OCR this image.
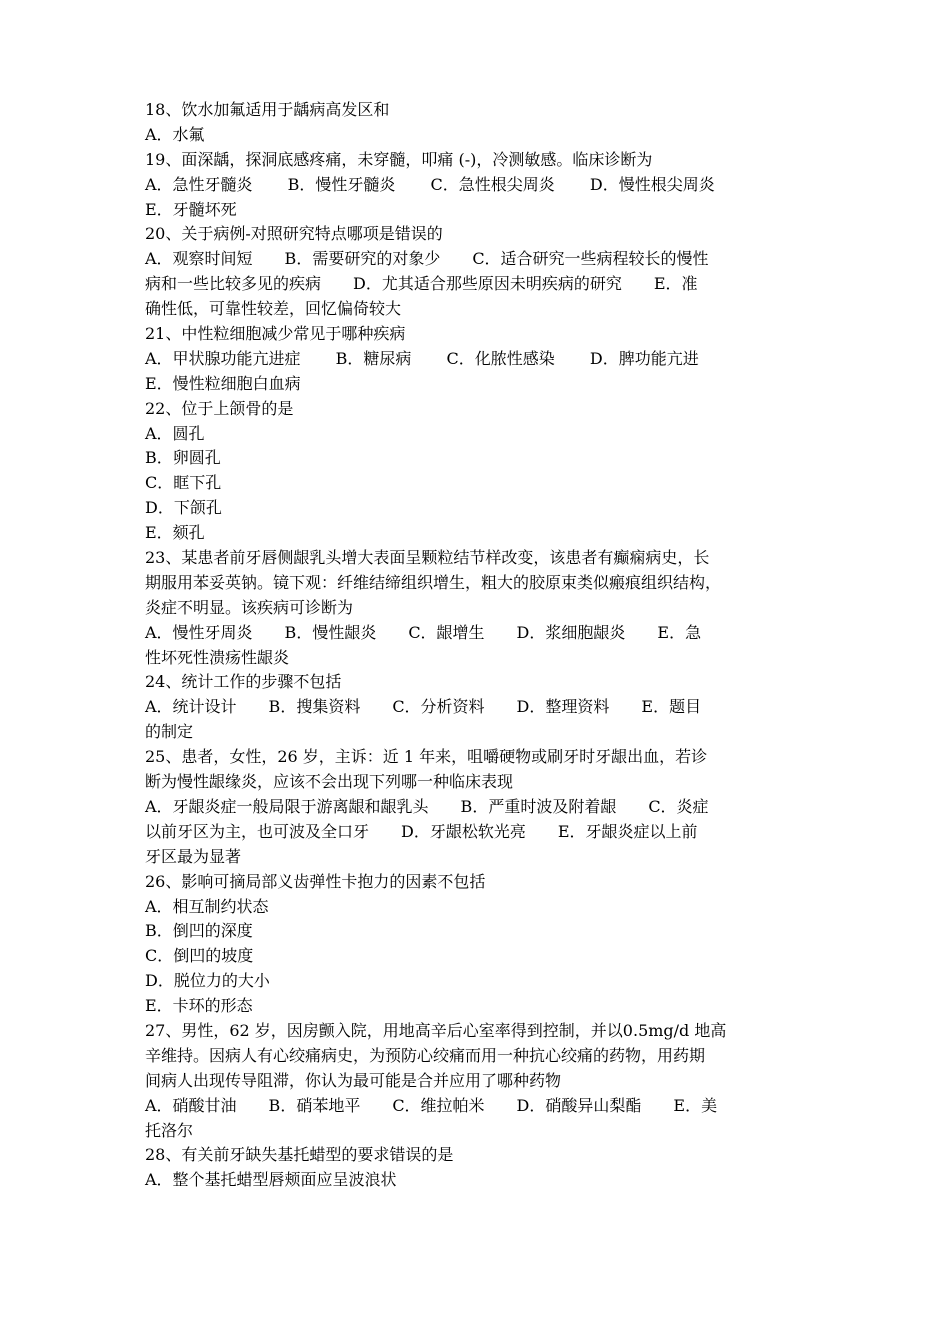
18、饮水加氟适用于龋病高发区和
A．水氟
19、面深龋，探洞底感疼痛，未穿髓，叩痛 (-)，冷测敏感。临床诊断为
A．急性牙髓炎 B．慢性牙髓炎 C．急性根尖周炎 D．慢性根尖周炎
E．牙髓坏死
20、关于病例-对照研究特点哪项是错误的
A．观察时间短　　B．需要研究的对象少　　C．适合研究一些病程较长的慢性
病和一些比较多见的疾病　　D．尤其适合那些原因未明疾病的研究　　E．准
确性低，可靠性较差，回忆偏倚较大
21、中性粒细胞减少常见于哪种疾病
A．甲状腺功能亢进症 B．糖尿病 C．化脓性感染 D．脾功能亢进
E．慢性粒细胞白血病
22、位于上颌骨的是
A．圆孔
B．卵圆孔
C．眶下孔
D．下颌孔
E．颏孔
23、某患者前牙唇侧龈乳头增大表面呈颗粒结节样改变，该患者有癫痫病史，长
期服用苯妥英钠。镜下观：纤维结缔组织增生，粗大的胶原束类似瘢痕组织结构，
炎症不明显。该疾病可诊断为
A．慢性牙周炎　　B．慢性龈炎　　C．龈增生　　D．浆细胞龈炎　　E．急
性坏死性溃疡性龈炎
24、统计工作的步骤不包括
A．统计设计　　B．搜集资料　　C．分析资料　　D．整理资料　　E．题目
的制定
25、患者，女性，26 岁，主诉：近 1 年来，咀嚼硬物或刷牙时牙龈出血，若诊
断为慢性龈缘炎，应该不会出现下列哪一种临床表现
A．牙龈炎症一般局限于游离龈和龈乳头　　B．严重时波及附着龈　　C．炎症
以前牙区为主，也可波及全口牙　　D．牙龈松软光亮　　E．牙龈炎症以上前
牙区最为显著
26、影响可摘局部义齿弹性卡抱力的因素不包括
A．相互制约状态
B．倒凹的深度
C．倒凹的坡度
D．脱位力的大小
E．卡环的形态
27、男性，62 岁，因房颤入院，用地高辛后心室率得到控制，并以0.5mg/d 地高
辛维持。因病人有心绞痛病史，为预防心绞痛而用一种抗心绞痛的药物，用药期
间病人出现传导阻滞，你认为最可能是合并应用了哪种药物
A．硝酸甘油　　B．硝苯地平　　C．维拉帕米　　D．硝酸异山梨酯　　E．美
托洛尔
28、有关前牙缺失基托蜡型的要求错误的是
A．整个基托蜡型唇颊面应呈波浪状
